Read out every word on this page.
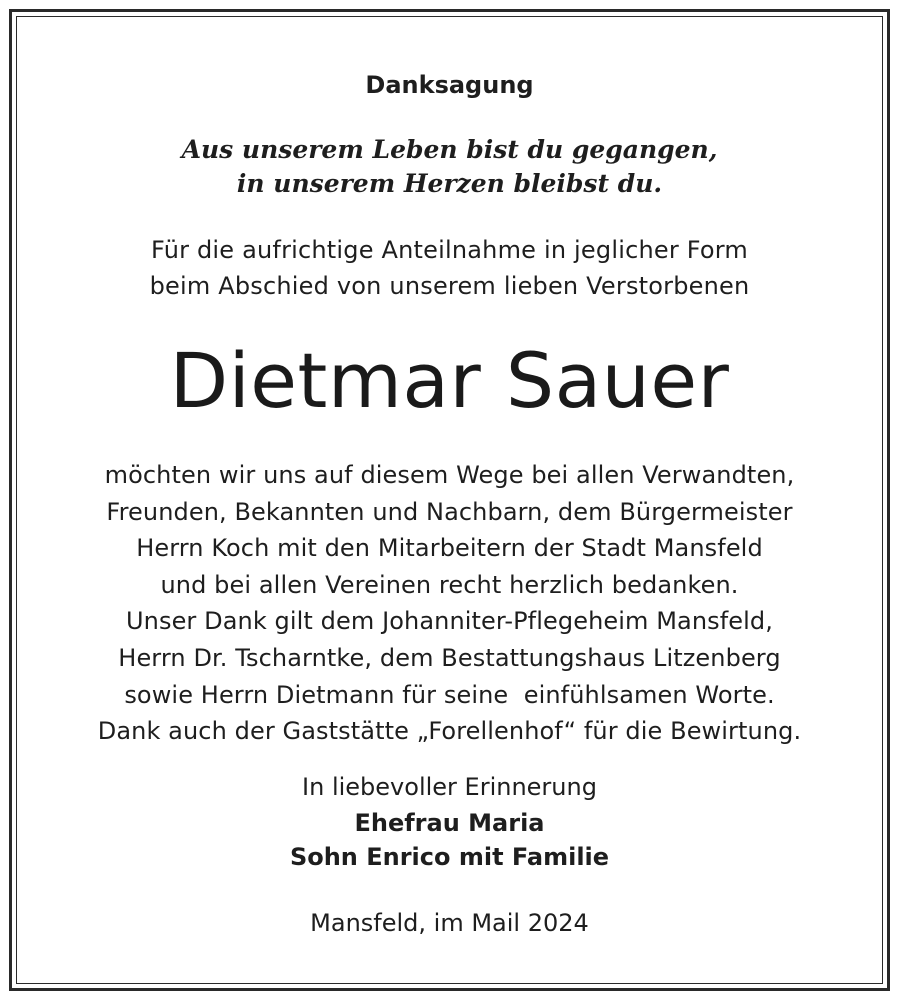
Danksagung
Aus unserem Leben bist du gegangen,
in unserem Herzen bleibst du.
Für die aufrichtige Anteilnahme in jeglicher Form
beim Abschied von unserem lieben Verstorbenen
Dietmar Sauer
möchten wir uns auf diesem Wege bei allen Verwandten,
Freunden, Bekannten und Nachbarn, dem Bürgermeister
Herrn Koch mit den Mitarbeitern der Stadt Mansfeld
und bei allen Vereinen recht herzlich bedanken.
Unser Dank gilt dem Johanniter-Pflegeheim Mansfeld,
Herrn Dr. Tscharntke, dem Bestattungshaus Litzenberg
sowie Herrn Dietmann für seine  einfühlsamen Worte.
Dank auch der Gaststätte „Forellenhof“ für die Bewirtung.
In liebevoller Erinnerung
Ehefrau Maria
Sohn Enrico mit Familie
Mansfeld, im Mail 2024
